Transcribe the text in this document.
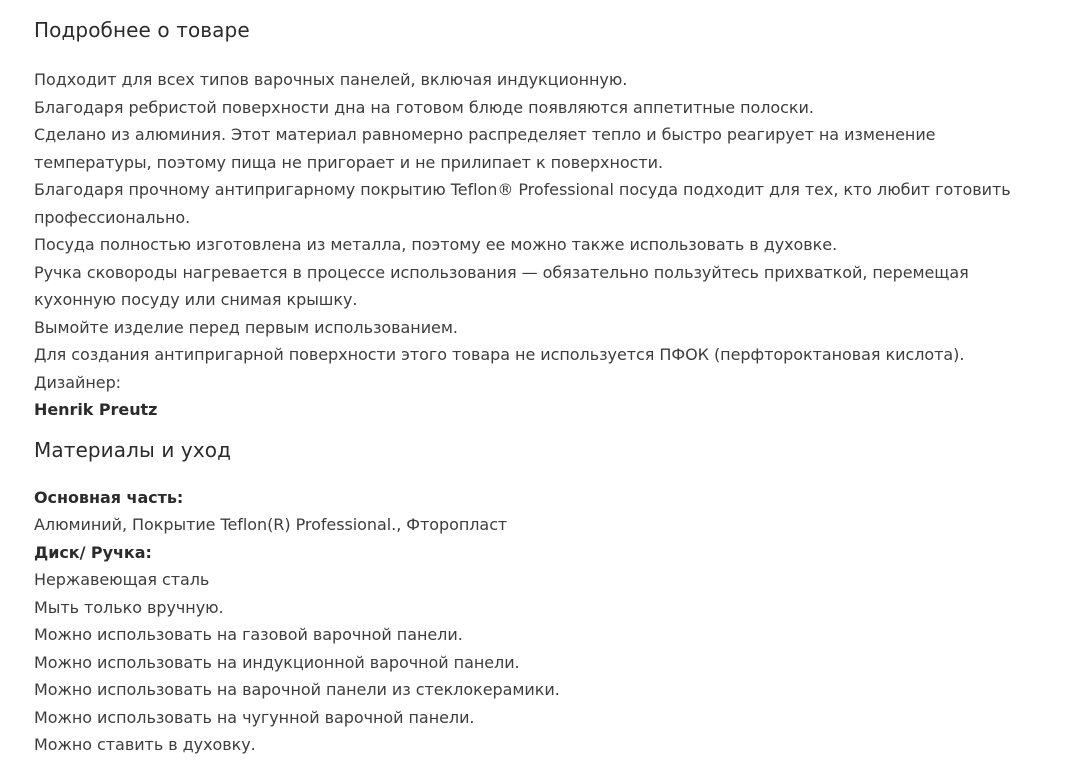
Подробнее о товаре
Подходит для всех типов варочных панелей, включая индукционную.
Благодаря ребристой поверхности дна на готовом блюде появляются аппетитные полоски.
Сделано из алюминия. Этот материал равномерно распределяет тепло и быстро реагирует на изменение
температуры, поэтому пища не пригорает и не прилипает к поверхности.
Благодаря прочному антипригарному покрытию Teflon® Professional посуда подходит для тех, кто любит готовить
профессионально.
Посуда полностью изготовлена из металла, поэтому ее можно также использовать в духовке.
Ручка сковороды нагревается в процессе использования — обязательно пользуйтесь прихваткой, перемещая
кухонную посуду или снимая крышку.
Вымойте изделие перед первым использованием.
Для создания антипригарной поверхности этого товара не используется ПФОК (перфтороктановая кислота).
Дизайнер:
Henrik Preutz
Материалы и уход
Основная часть:
Алюминий, Покрытие Teflon(R) Professional., Фторопласт
Диск/ Ручка:
Нержавеющая сталь
Мыть только вручную.
Можно использовать на газовой варочной панели.
Можно использовать на индукционной варочной панели.
Можно использовать на варочной панели из стеклокерамики.
Можно использовать на чугунной варочной панели.
Можно ставить в духовку.
